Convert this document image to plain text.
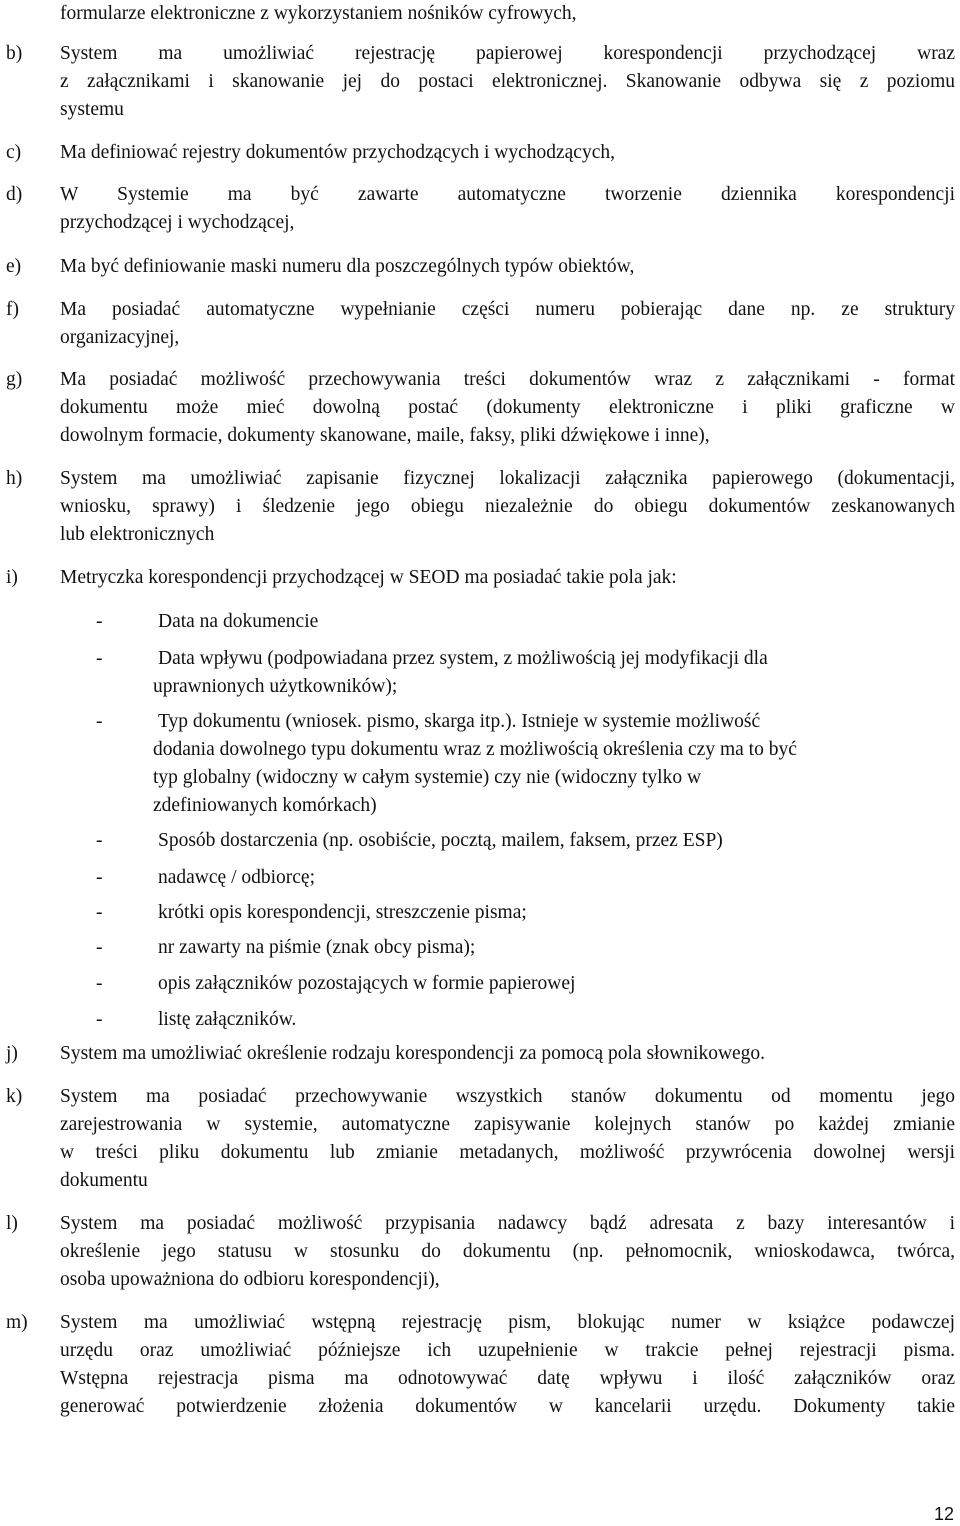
formularze elektroniczne z wykorzystaniem nośników cyfrowych,
b) System ma umożliwiać rejestrację papierowej korespondencji przychodzącej wraz
z załącznikami i skanowanie jej do postaci elektronicznej. Skanowanie odbywa się z poziomu
systemu
c) Ma definiować rejestry dokumentów przychodzących i wychodzących,
d) W Systemie ma być zawarte automatyczne tworzenie dziennika korespondencji
przychodzącej i wychodzącej,
e) Ma być definiowanie maski numeru dla poszczególnych typów obiektów,
f) Ma posiadać automatyczne wypełnianie części numeru pobierając dane np. ze struktury
organizacyjnej,
g) Ma posiadać możliwość przechowywania treści dokumentów wraz z załącznikami - format
dokumentu może mieć dowolną postać (dokumenty elektroniczne i pliki graficzne w
dowolnym formacie, dokumenty skanowane, maile, faksy, pliki dźwiękowe i inne),
h) System ma umożliwiać zapisanie fizycznej lokalizacji załącznika papierowego (dokumentacji,
wniosku, sprawy) i śledzenie jego obiegu niezależnie do obiegu dokumentów zeskanowanych
lub elektronicznych
i) Metryczka korespondencji przychodzącej w SEOD ma posiadać takie pola jak:
-	Data na dokumencie
-	Data wpływu (podpowiadana przez system, z możliwością jej modyfikacji dla
uprawnionych użytkowników);
-	Typ dokumentu (wniosek. pismo, skarga itp.). Istnieje w systemie możliwość
dodania dowolnego typu dokumentu wraz z możliwością określenia czy ma to być
typ globalny (widoczny w całym systemie) czy nie (widoczny tylko w
zdefiniowanych komórkach)
-	Sposób dostarczenia (np. osobiście, pocztą, mailem, faksem, przez ESP)
-	nadawcę / odbiorcę;
-	krótki opis korespondencji, streszczenie pisma;
-	nr zawarty na piśmie (znak obcy pisma);
-	opis załączników pozostających w formie papierowej
-	listę załączników.
j) System ma umożliwiać określenie rodzaju korespondencji za pomocą pola słownikowego.
k) System ma posiadać przechowywanie wszystkich stanów dokumentu od momentu jego
zarejestrowania w systemie, automatyczne zapisywanie kolejnych stanów po każdej zmianie
w treści pliku dokumentu lub zmianie metadanych, możliwość przywrócenia dowolnej wersji
dokumentu
l) System ma posiadać możliwość przypisania nadawcy bądź adresata z bazy interesantów i
określenie jego statusu w stosunku do dokumentu (np. pełnomocnik, wnioskodawca, twórca,
osoba upoważniona do odbioru korespondencji),
m) System ma umożliwiać wstępną rejestrację pism, blokując numer w książce podawczej
urzędu oraz umożliwiać późniejsze ich uzupełnienie w trakcie pełnej rejestracji pisma.
Wstępna rejestracja pisma ma odnotowywać datę wpływu i ilość załączników oraz
generować potwierdzenie złożenia dokumentów w kancelarii urzędu. Dokumenty takie
12
